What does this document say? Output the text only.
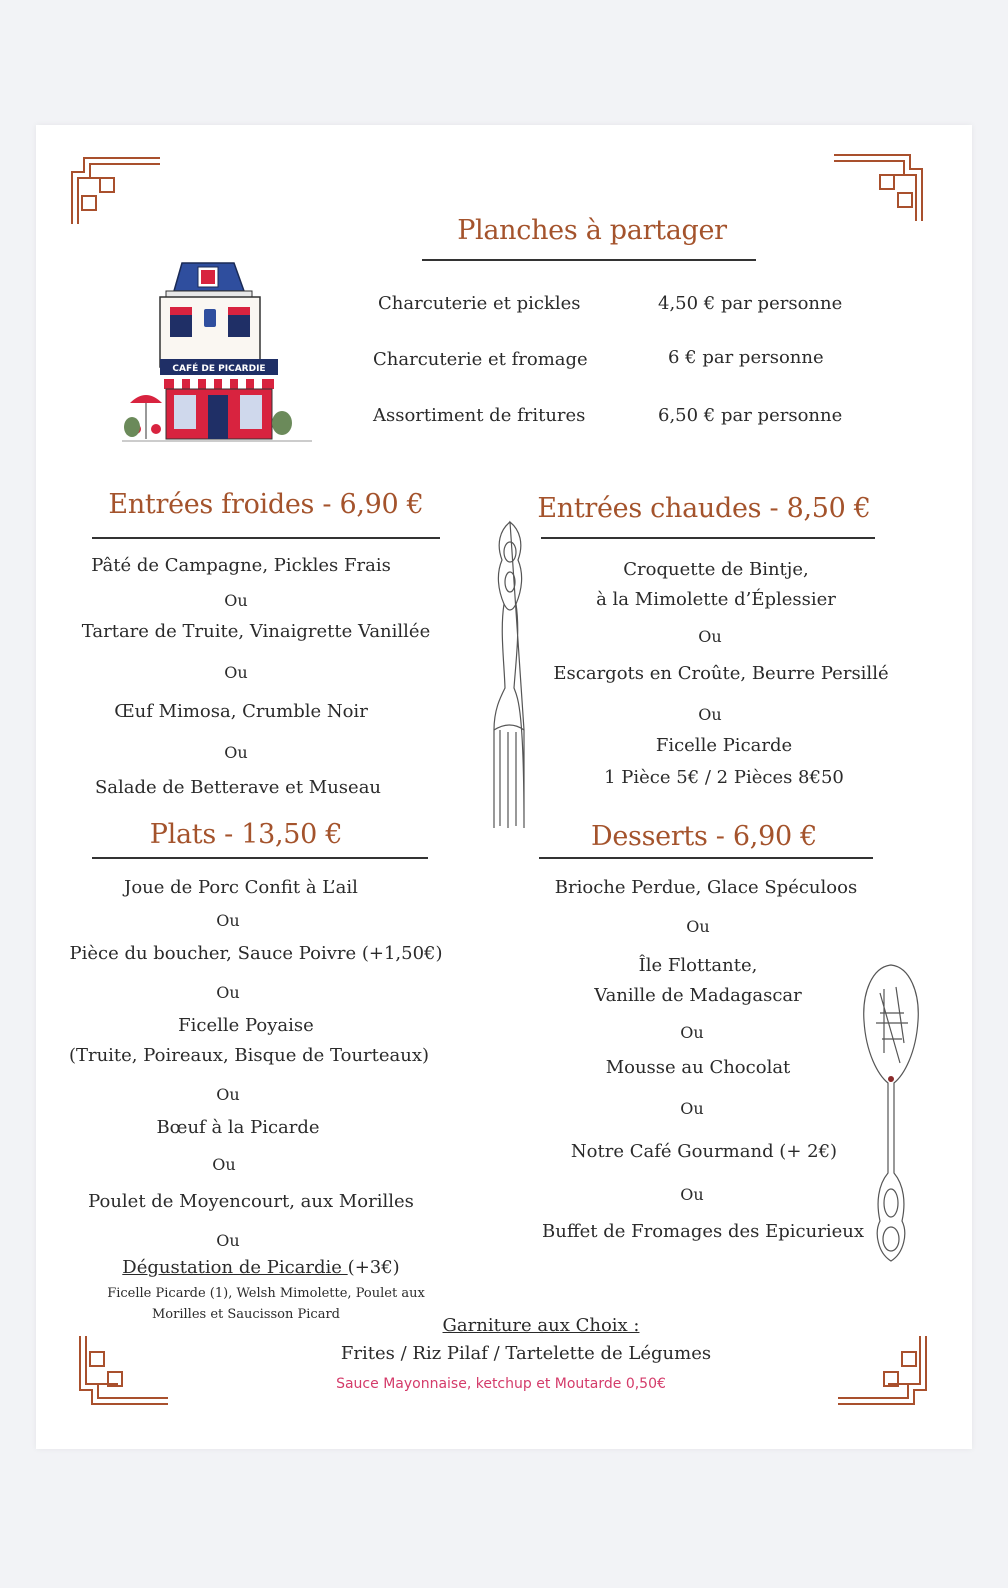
CAFÉ DE PICARDIE
Planches à partager
Charcuterie et pickles	4,50 € par personne
Charcuterie et fromage	6 € par personne
Assortiment de fritures	6,50 € par personne
Entrées froides - 6,90 €
Pâté de Campagne, Pickles Frais
Ou
Tartare de Truite, Vinaigrette Vanillée
Ou
Œuf Mimosa, Crumble Noir
Ou
Salade de Betterave et Museau
Entrées chaudes - 8,50 €
Croquette de Bintje,
à la Mimolette d’Éplessier
Ou
Escargots en Croûte, Beurre Persillé
Ou
Ficelle Picarde
1 Pièce 5€ / 2 Pièces 8€50
Plats - 13,50 €
Joue de Porc Confit à L’ail
Ou
Pièce du boucher, Sauce Poivre (+1,50€)
Ou
Ficelle Poyaise
(Truite, Poireaux, Bisque de Tourteaux)
Ou
Bœuf à la Picarde
Ou
Poulet de Moyencourt, aux Morilles
Ou
Dégustation de Picardie (+3€)
Ficelle Picarde (1), Welsh Mimolette, Poulet aux
Morilles et Saucisson Picard
Desserts - 6,90 €
Brioche Perdue, Glace Spéculoos
Ou
Île Flottante,
Vanille de Madagascar
Ou
Mousse au Chocolat
Ou
Notre Café Gourmand (+ 2€)
Ou
Buffet de Fromages des Epicurieux
Garniture aux Choix :
Frites / Riz Pilaf / Tartelette de Légumes
Sauce Mayonnaise, ketchup et Moutarde 0,50€
